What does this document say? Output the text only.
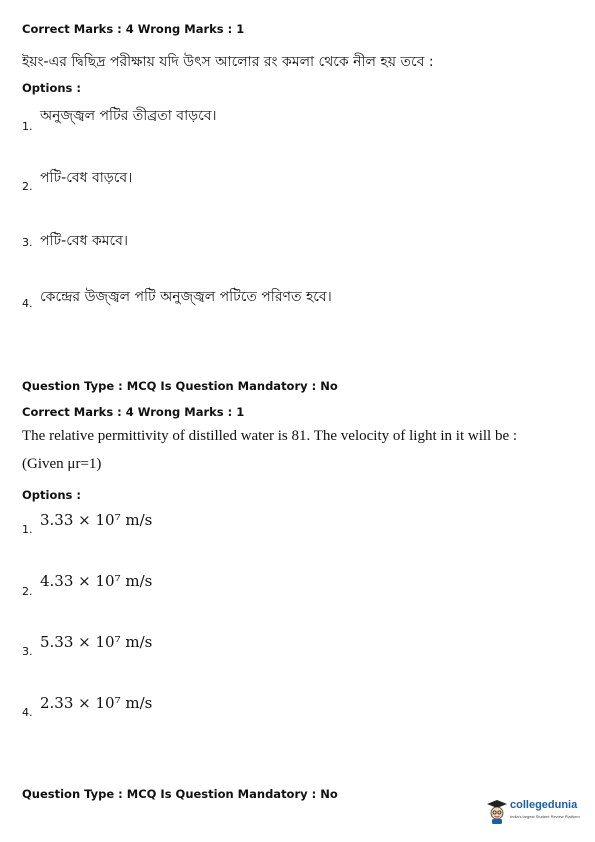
Correct Marks : 4 Wrong Marks : 1
ইয়ং-এর দ্বিছিদ্র পরীক্ষায় যদি উৎস আলোর রং কমলা থেকে নীল হয় তবে :
Options :
1.
অনুজ্জ্বল পটির তীব্রতা বাড়বে।
2.
পটি-বেধ বাড়বে।
3. পটি-বেধ কমবে।
4. কেন্দ্রের উজ্জ্বল পটি অনুজ্জ্বল পটিতে পরিণত হবে।
Question Type : MCQ Is Question Mandatory : No
Correct Marks : 4 Wrong Marks : 1
The relative permittivity of distilled water is 81. The velocity of light in it will be :
(Given μr=1)
Options :
1.
3.33 × 10⁷ m/s
2.
4.33 × 10⁷ m/s
3.
5.33 × 10⁷ m/s
4.
2.33 × 10⁷ m/s
Question Type : MCQ Is Question Mandatory : No
collegedunia
India's largest Student Review Platform
